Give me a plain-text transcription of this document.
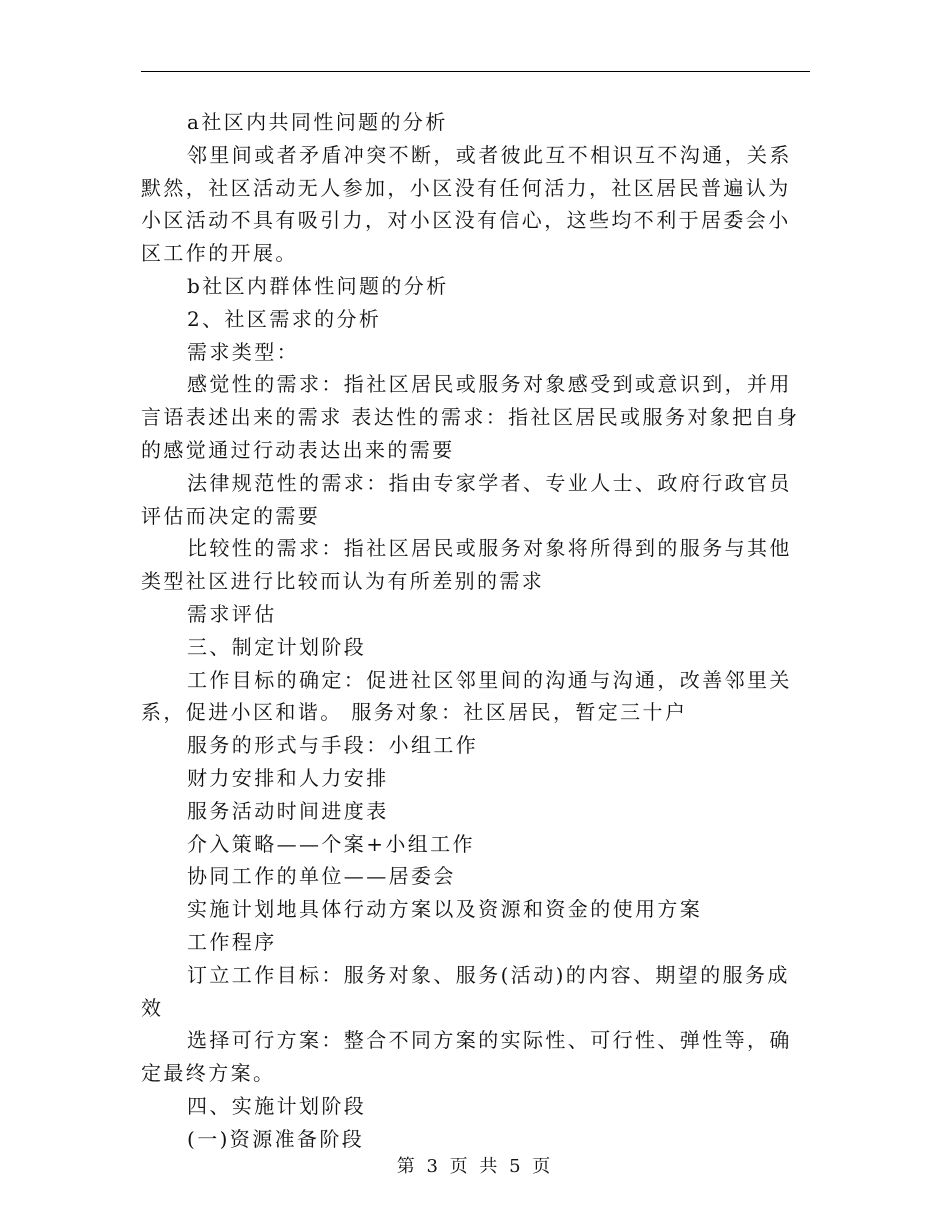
a社区内共同性问题的分析

邻里间或者矛盾冲突不断，或者彼此互不相识互不沟通，关系默然，社区活动无人参加，小区没有任何活力，社区居民普遍认为小区活动不具有吸引力，对小区没有信心，这些均不利于居委会小区工作的开展。

b社区内群体性问题的分析

2、社区需求的分析

需求类型：

感觉性的需求：指社区居民或服务对象感受到或意识到，并用言语表述出来的需求 表达性的需求：指社区居民或服务对象把自身的感觉通过行动表达出来的需要

法律规范性的需求：指由专家学者、专业人士、政府行政官员评估而决定的需要

比较性的需求：指社区居民或服务对象将所得到的服务与其他类型社区进行比较而认为有所差别的需求

需求评估

三、制定计划阶段

工作目标的确定：促进社区邻里间的沟通与沟通，改善邻里关系，促进小区和谐。 服务对象：社区居民，暂定三十户

服务的形式与手段：小组工作

财力安排和人力安排

服务活动时间进度表

介入策略——个案+小组工作

协同工作的单位——居委会

实施计划地具体行动方案以及资源和资金的使用方案

工作程序

订立工作目标：服务对象、服务(活动)的内容、期望的服务成效

选择可行方案：整合不同方案的实际性、可行性、弹性等，确定最终方案。

四、实施计划阶段

(一)资源准备阶段

第 3 页 共 5 页
